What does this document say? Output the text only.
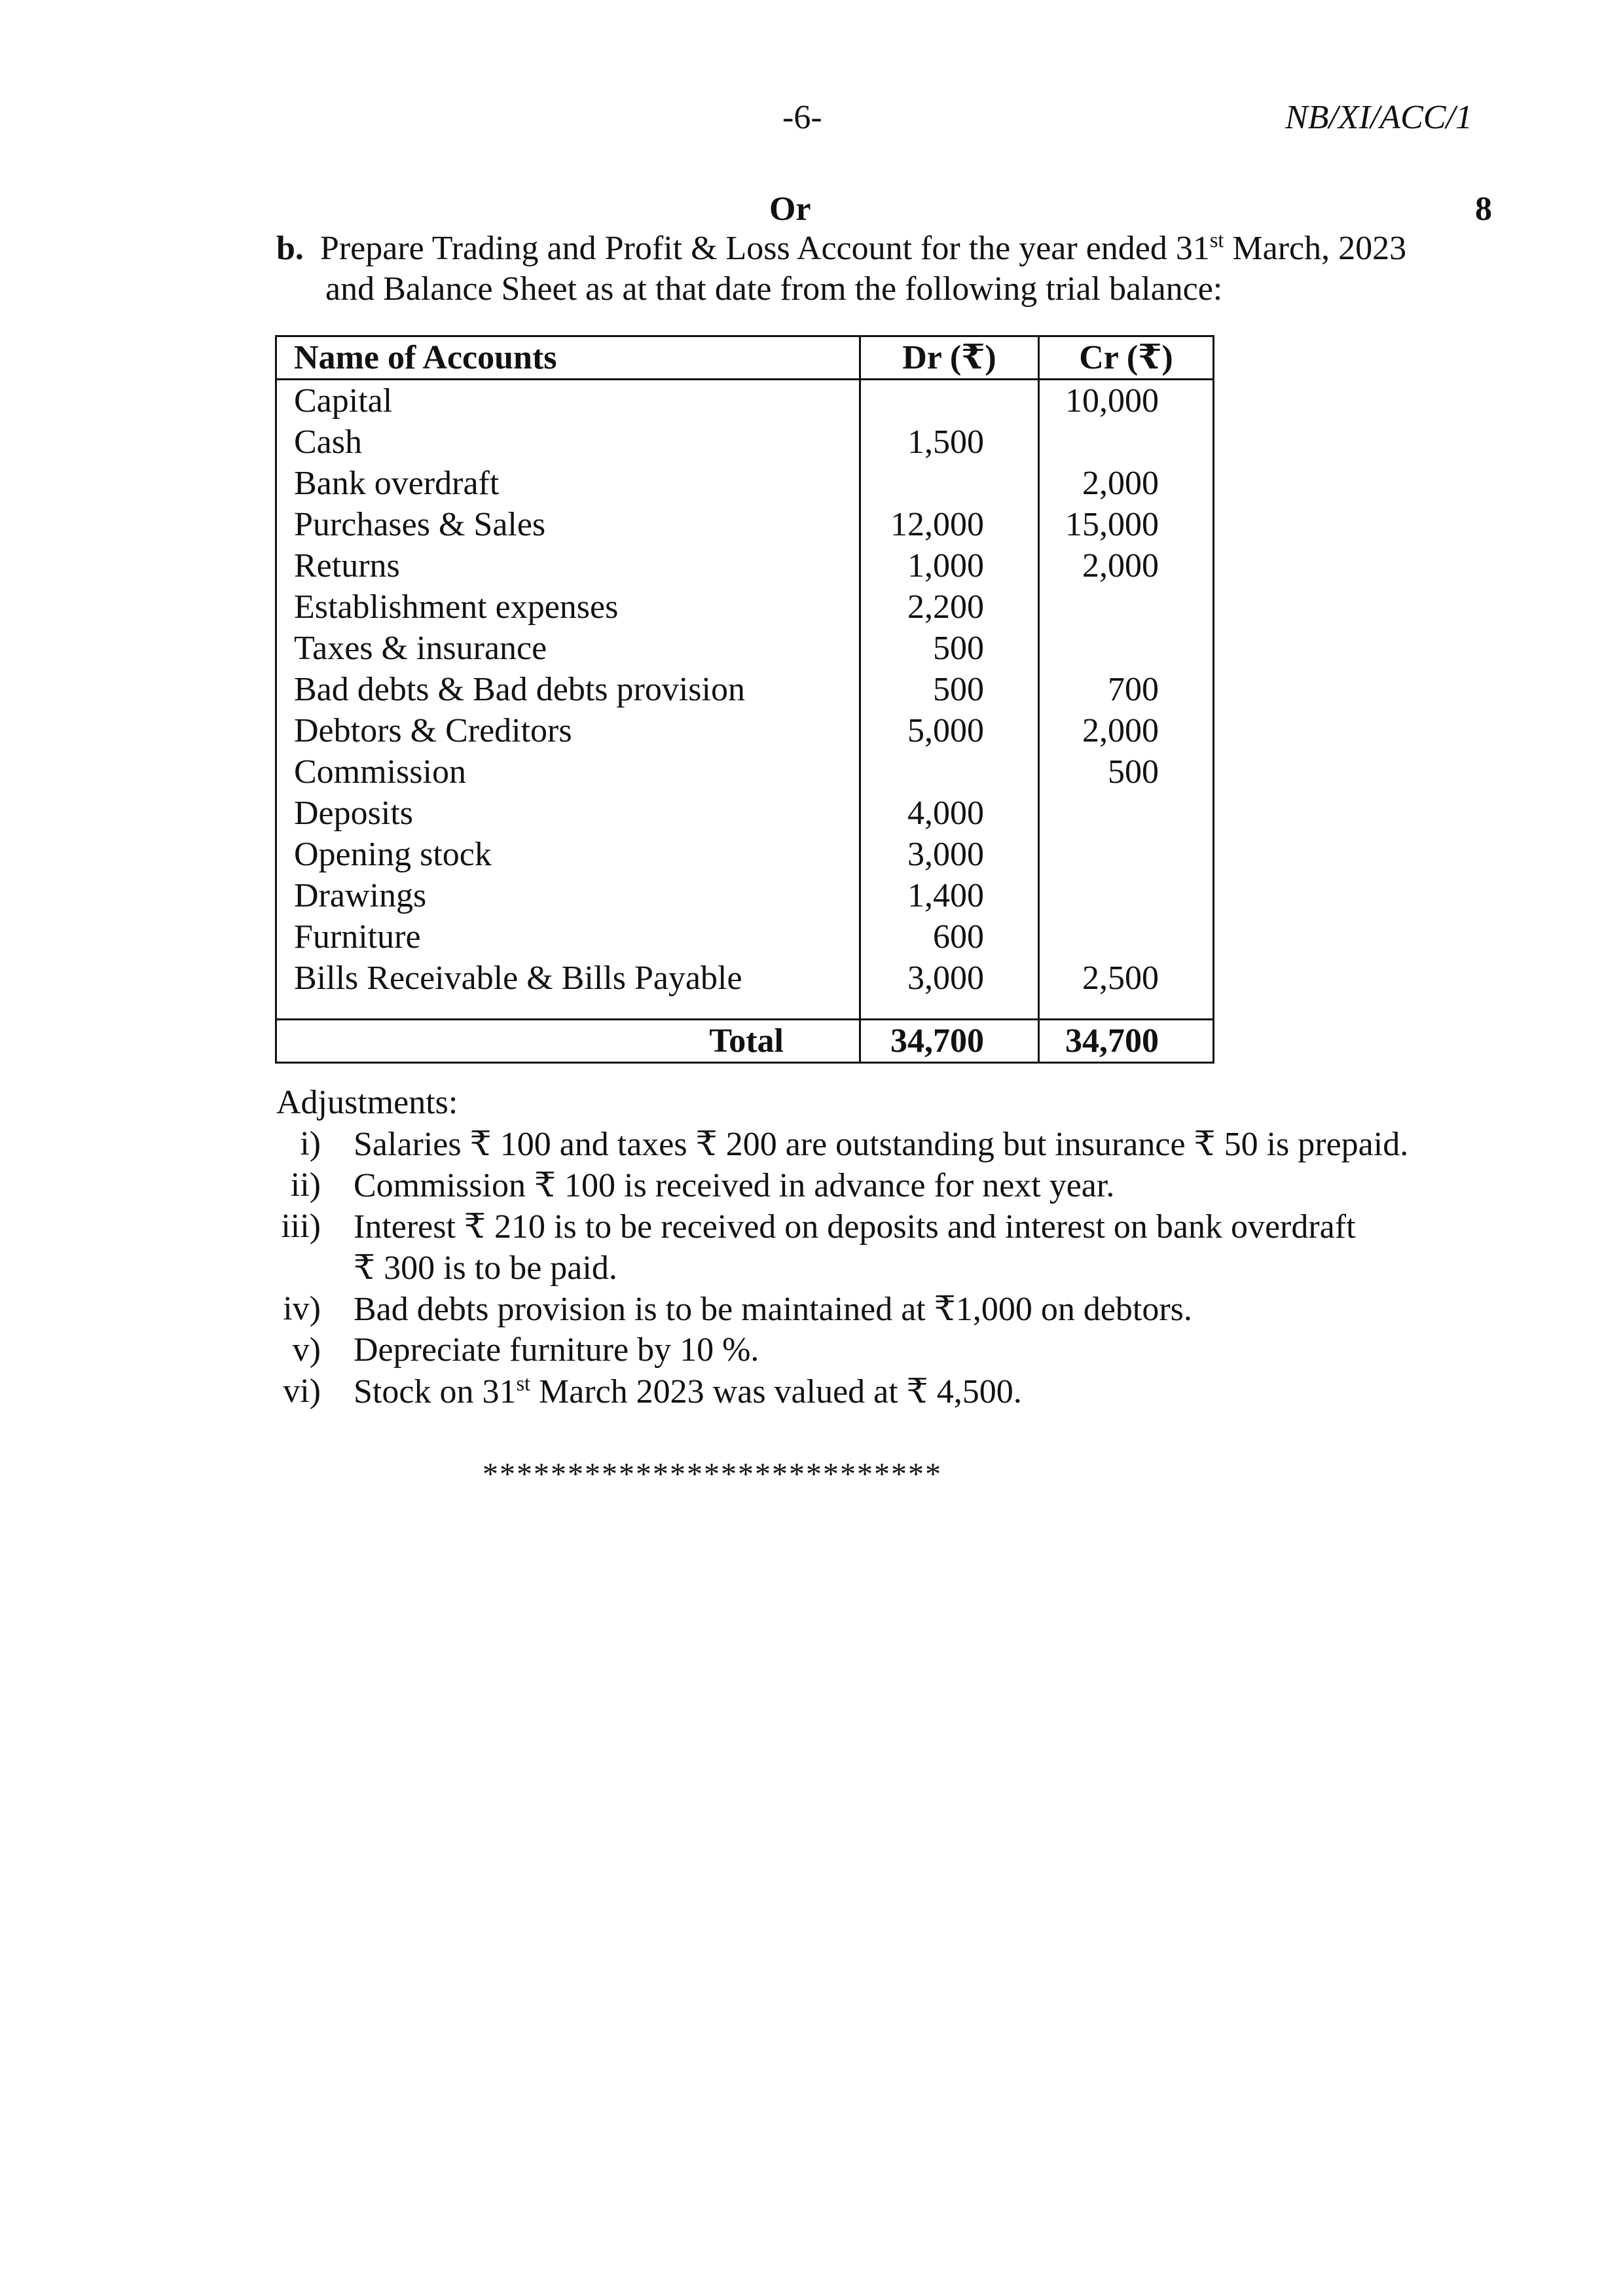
-6-	NB/XI/ACC/1
Or	8
b. Prepare Trading and Profit & Loss Account for the year ended 31st March, 2023
and Balance Sheet as at that date from the following trial balance:
Name of Accounts	Dr (₹)	Cr (₹)
Capital		10,000
Cash	1,500	
Bank overdraft		2,000
Purchases & Sales	12,000	15,000
Returns	1,000	2,000
Establishment expenses	2,200	
Taxes & insurance	500	
Bad debts & Bad debts provision	500	700
Debtors & Creditors	5,000	2,000
Commission		500
Deposits	4,000	
Opening stock	3,000	
Drawings	1,400	
Furniture	600	
Bills Receivable & Bills Payable	3,000	2,500

Total	34,700	34,700
Adjustments:
i) Salaries ₹ 100 and taxes ₹ 200 are outstanding but insurance ₹ 50 is prepaid.
ii) Commission ₹ 100 is received in advance for next year.
iii) Interest ₹ 210 is to be received on deposits and interest on bank overdraft
₹ 300 is to be paid.
iv) Bad debts provision is to be maintained at ₹1,000 on debtors.
v) Depreciate furniture by 10 %.
vi) Stock on 31st March 2023 was valued at ₹ 4,500.
***************************
